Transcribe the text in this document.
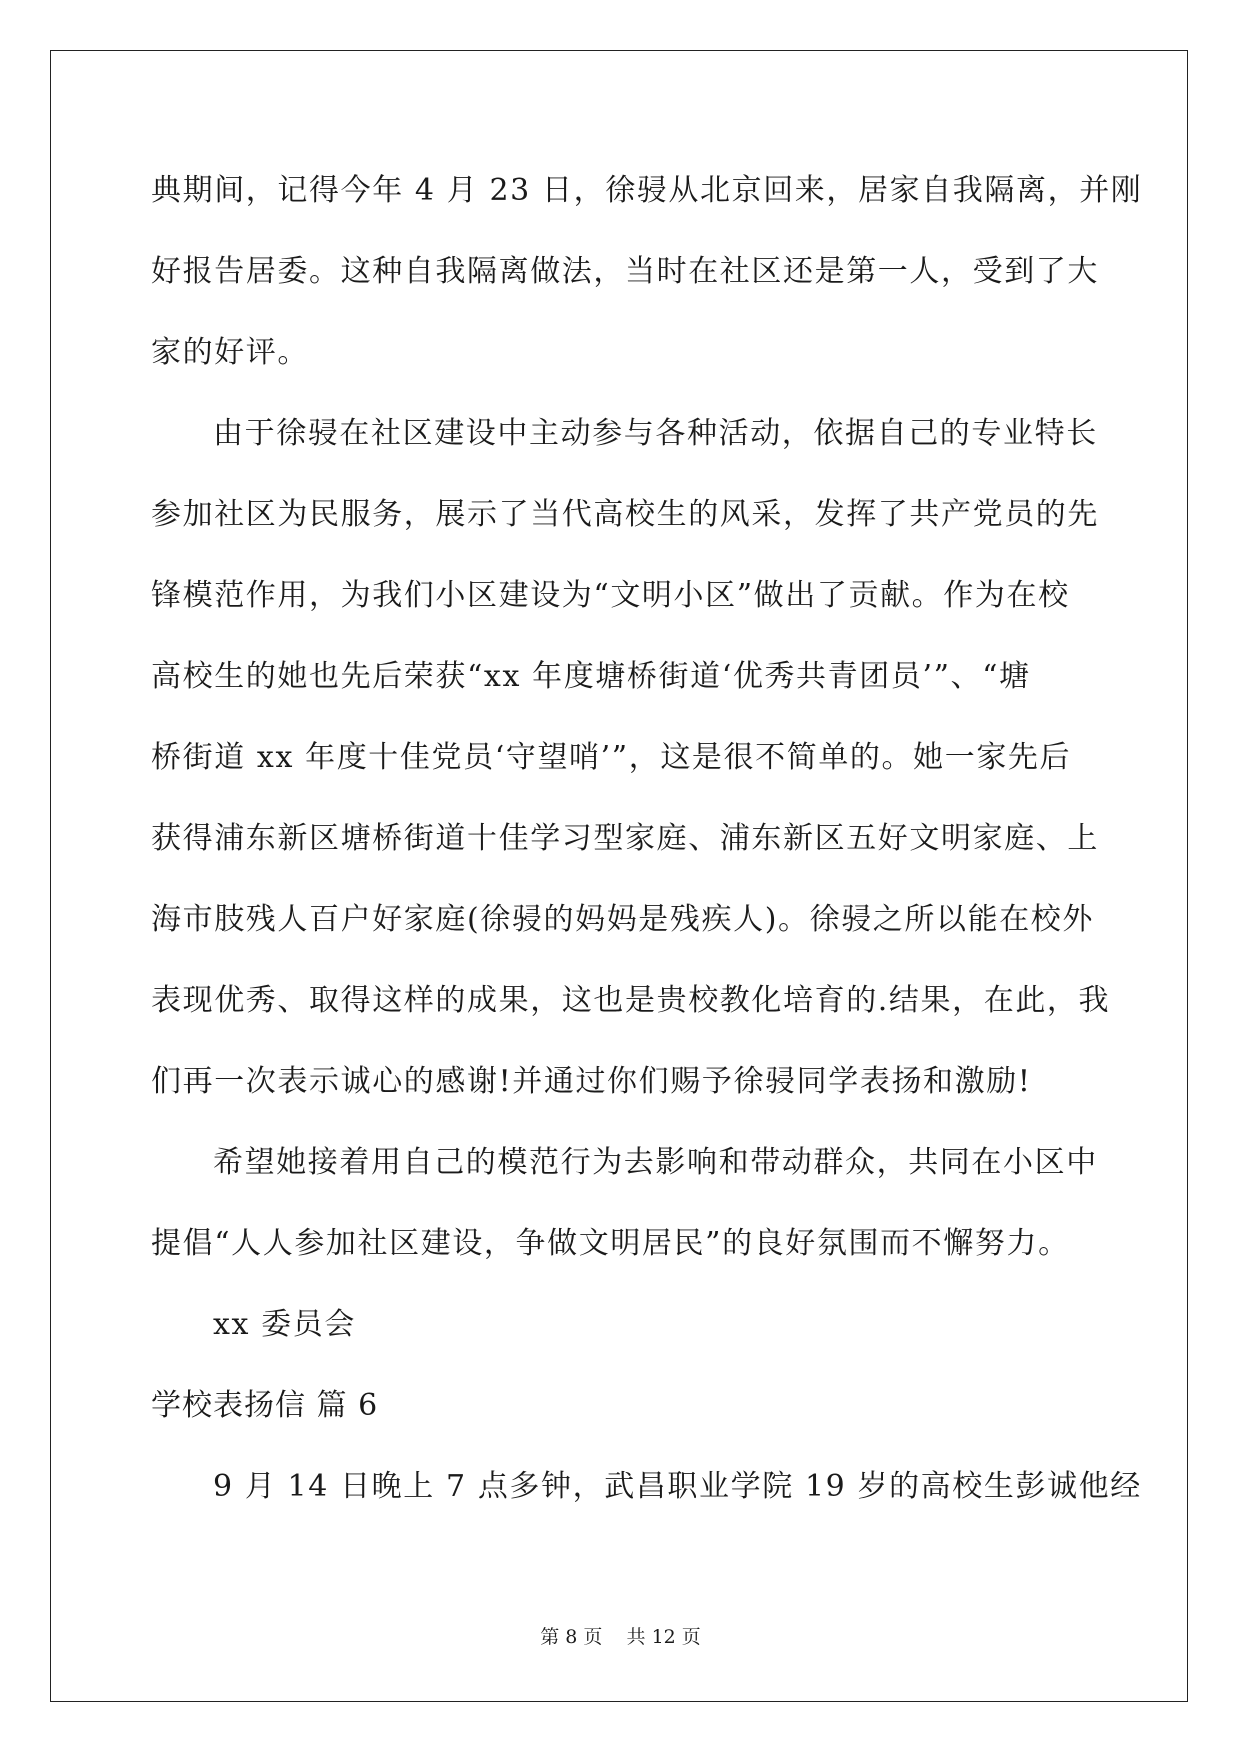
典期间，记得今年 4 月 23 日，徐骎从北京回来，居家自我隔离，并刚
好报告居委。这种自我隔离做法，当时在社区还是第一人，受到了大
家的好评。
由于徐骎在社区建设中主动参与各种活动，依据自己的专业特长
参加社区为民服务，展示了当代高校生的风采，发挥了共产党员的先
锋模范作用，为我们小区建设为“文明小区”做出了贡献。作为在校
高校生的她也先后荣获“xx 年度塘桥街道‘优秀共青团员’”、“塘
桥街道 xx 年度十佳党员‘守望哨’”，这是很不简单的。她一家先后
获得浦东新区塘桥街道十佳学习型家庭、浦东新区五好文明家庭、上
海市肢残人百户好家庭(徐骎的妈妈是残疾人)。徐骎之所以能在校外
表现优秀、取得这样的成果，这也是贵校教化培育的.结果，在此，我
们再一次表示诚心的感谢!并通过你们赐予徐骎同学表扬和激励!
希望她接着用自己的模范行为去影响和带动群众，共同在小区中
提倡“人人参加社区建设，争做文明居民”的良好氛围而不懈努力。
xx 委员会
学校表扬信 篇 6
9 月 14 日晚上 7 点多钟，武昌职业学院 19 岁的高校生彭诚他经
第 8 页    共 12 页
